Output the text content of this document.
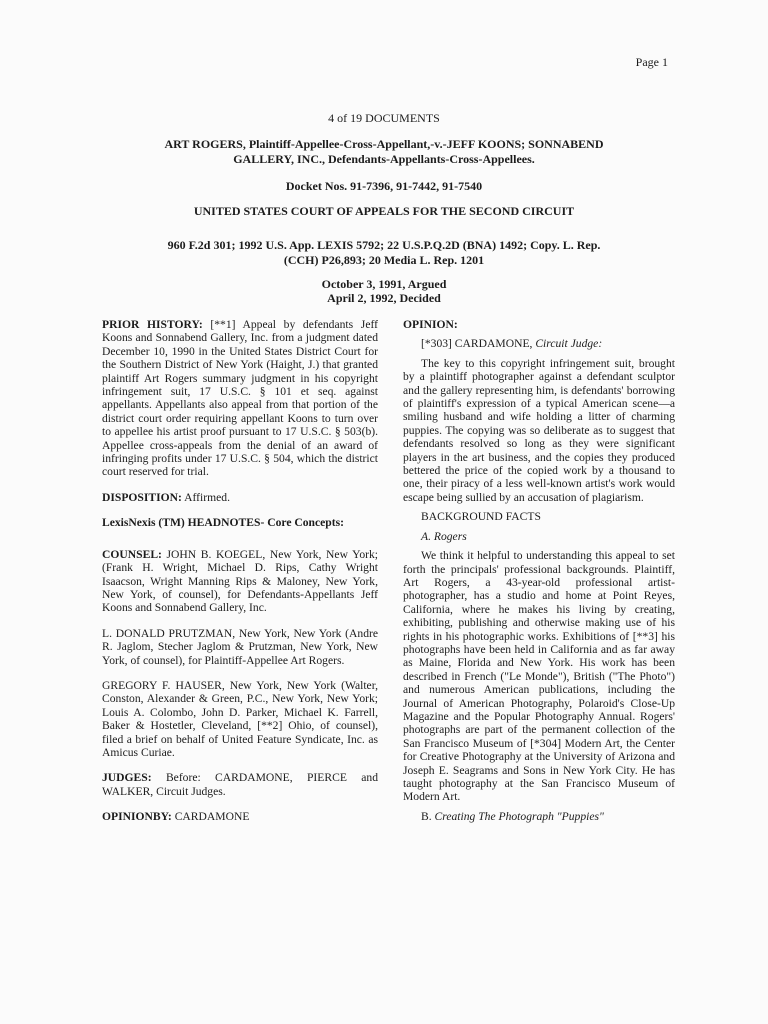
Page 1
4 of 19 DOCUMENTS
ART ROGERS, Plaintiff-Appellee-Cross-Appellant,-v.-JEFF KOONS; SONNABEND GALLERY, INC., Defendants-Appellants-Cross-Appellees.
Docket Nos. 91-7396, 91-7442, 91-7540
UNITED STATES COURT OF APPEALS FOR THE SECOND CIRCUIT
960 F.2d 301; 1992 U.S. App. LEXIS 5792; 22 U.S.P.Q.2D (BNA) 1492; Copy. L. Rep. (CCH) P26,893; 20 Media L. Rep. 1201
October 3, 1991, Argued
April 2, 1992, Decided

PRIOR HISTORY: [**1] Appeal by defendants Jeff Koons and Sonnabend Gallery, Inc. from a judgment dated December 10, 1990 in the United States District Court for the Southern District of New York (Haight, J.) that granted plaintiff Art Rogers summary judgment in his copyright infringement suit, 17 U.S.C. § 101 et seq. against appellants. Appellants also appeal from that portion of the district court order requiring appellant Koons to turn over to appellee his artist proof pursuant to 17 U.S.C. § 503(b). Appellee cross-appeals from the denial of an award of infringing profits under 17 U.S.C. § 504, which the district court reserved for trial.

DISPOSITION: Affirmed.

LexisNexis (TM) HEADNOTES- Core Concepts:

COUNSEL: JOHN B. KOEGEL, New York, New York; (Frank H. Wright, Michael D. Rips, Cathy Wright Isaacson, Wright Manning Rips & Maloney, New York, New York, of counsel), for Defendants-Appellants Jeff Koons and Sonnabend Gallery, Inc.

L. DONALD PRUTZMAN, New York, New York (Andre R. Jaglom, Stecher Jaglom & Prutzman, New York, New York, of counsel), for Plaintiff-Appellee Art Rogers.

GREGORY F. HAUSER, New York, New York (Walter, Conston, Alexander & Green, P.C., New York, New York; Louis A. Colombo, John D. Parker, Michael K. Farrell, Baker & Hostetler, Cleveland, [**2] Ohio, of counsel), filed a brief on behalf of United Feature Syndicate, Inc. as Amicus Curiae.

JUDGES: Before: CARDAMONE, PIERCE and WALKER, Circuit Judges.

OPINIONBY: CARDAMONE

OPINION:

[*303] CARDAMONE, Circuit Judge:

The key to this copyright infringement suit, brought by a plaintiff photographer against a defendant sculptor and the gallery representing him, is defendants' borrowing of plaintiff's expression of a typical American scene—a smiling husband and wife holding a litter of charming puppies. The copying was so deliberate as to suggest that defendants resolved so long as they were significant players in the art business, and the copies they produced bettered the price of the copied work by a thousand to one, their piracy of a less well-known artist's work would escape being sullied by an accusation of plagiarism.

BACKGROUND FACTS

A. Rogers

We think it helpful to understanding this appeal to set forth the principals' professional backgrounds. Plaintiff, Art Rogers, a 43-year-old professional artist-photographer, has a studio and home at Point Reyes, California, where he makes his living by creating, exhibiting, publishing and otherwise making use of his rights in his photographic works. Exhibitions of [**3] his photographs have been held in California and as far away as Maine, Florida and New York. His work has been described in French ("Le Monde"), British ("The Photo") and numerous American publications, including the Journal of American Photography, Polaroid's Close-Up Magazine and the Popular Photography Annual. Rogers' photographs are part of the permanent collection of the San Francisco Museum of [*304] Modern Art, the Center for Creative Photography at the University of Arizona and Joseph E. Seagrams and Sons in New York City. He has taught photography at the San Francisco Museum of Modern Art.

B. Creating The Photograph "Puppies"
